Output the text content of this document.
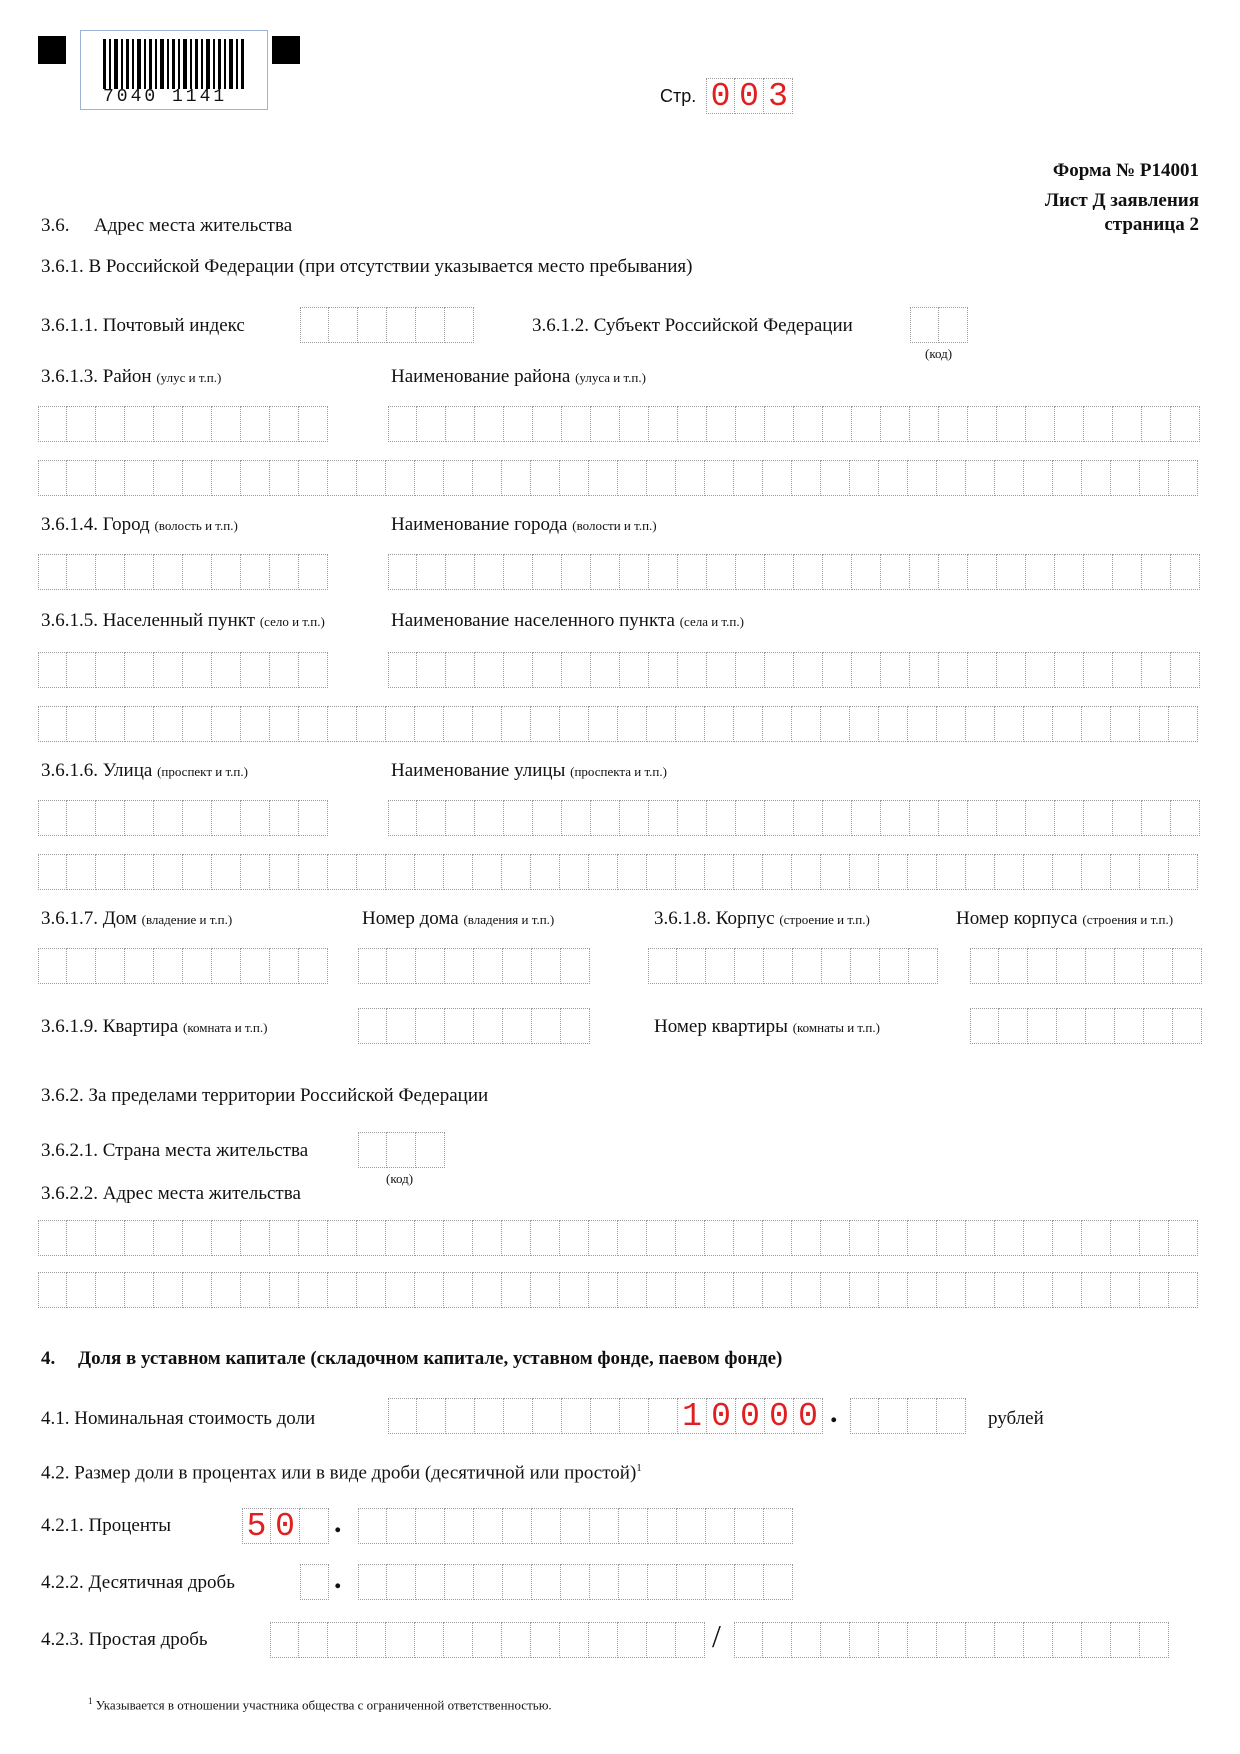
7040 1141	Стр. 0 0 3
Форма № Р14001
Лист Д заявления
страница 2
3.6. Адрес места жительства
3.6.1. В Российской Федерации (при отсутствии указывается место пребывания)
3.6.1.1. Почтовый индекс	3.6.1.2. Субъект Российской Федерации
(код)
3.6.1.3. Район (улус и т.п.)	Наименование района (улуса и т.п.)
3.6.1.4. Город (волость и т.п.)	Наименование города (волости и т.п.)
3.6.1.5. Населенный пункт (село и т.п.)	Наименование населенного пункта (села и т.п.)
3.6.1.6. Улица (проспект и т.п.)	Наименование улицы (проспекта и т.п.)
3.6.1.7. Дом (владение и т.п.)	Номер дома (владения и т.п.)	3.6.1.8. Корпус (строение и т.п.)	Номер корпуса (строения и т.п.)
3.6.1.9. Квартира (комната и т.п.)	Номер квартиры (комнаты и т.п.)
3.6.2. За пределами территории Российской Федерации
3.6.2.1. Страна места жительства
(код)
3.6.2.2. Адрес места жительства
4. Доля в уставном капитале (складочном капитале, уставном фонде, паевом фонде)
4.1. Номинальная стоимость доли	1 0 0 0 0 .	рублей
4.2. Размер доли в процентах или в виде дроби (десятичной или простой)$^1$
4.2.1. Проценты 5 0 .
4.2.2. Десятичная дробь	.
4.2.3. Простая дробь	/
$^1$ Указывается в отношении участника общества с ограниченной ответственностью.
